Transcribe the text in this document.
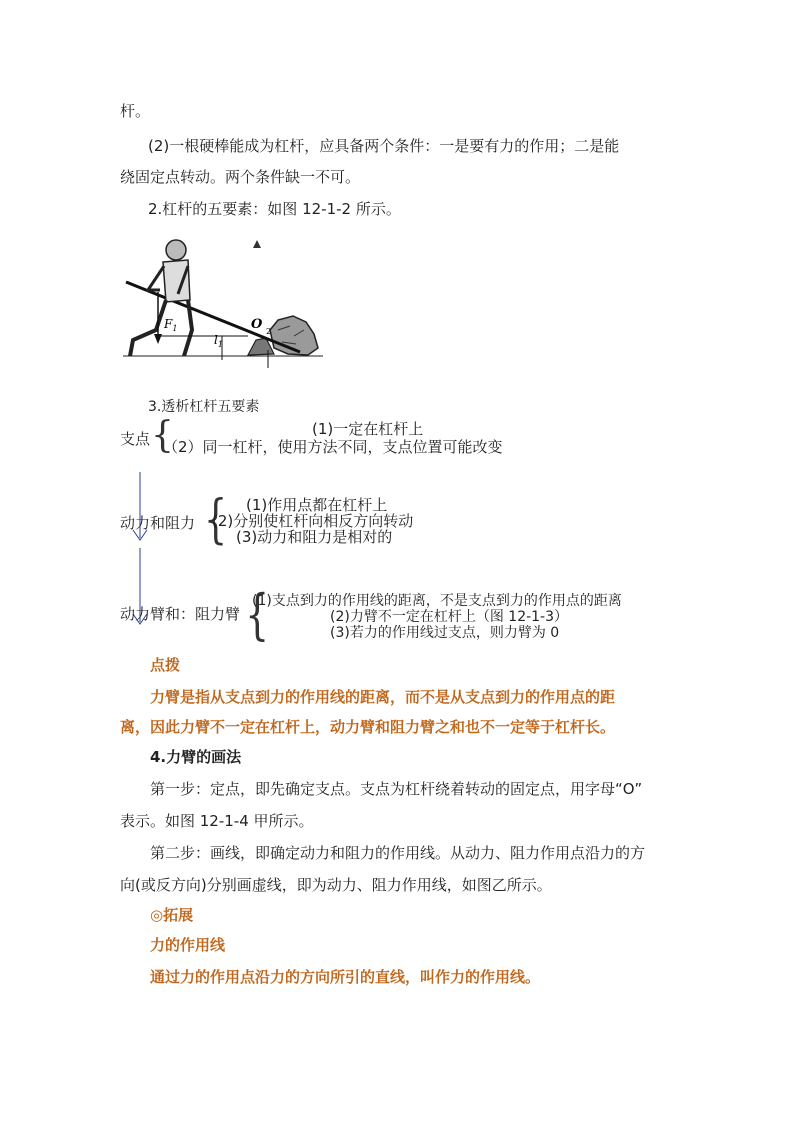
杆。
(2)一根硬棒能成为杠杆，应具备两个条件：一是要有力的作用；二是能
绕固定点转动。两个条件缺一不可。
2.杠杆的五要素：如图 12-1-2 所示。
$F_1$
$l_1$
O 2
3.透析杠杆五要素
支点 {	(1)一定在杠杆上
（2）同一杠杆，使用方法不同，支点位置可能改变
动力和阻力 { (1)作用点都在杠杆上
(2)分别使杠杆向相反方向转动
(3)动力和阻力是相对的
动力臂和：阻力臂 {
(1)支点到力的作用线的距离，不是支点到力的作用点的距离
(2)力臂不一定在杠杆上（图 12-1-3）
(3)若力的作用线过支点，则力臂为 0
点拨
力臂是指从支点到力的作用线的距离，而不是从支点到力的作用点的距
离，因此力臂不一定在杠杆上，动力臂和阻力臂之和也不一定等于杠杆长。
4.力臂的画法
第一步：定点，即先确定支点。支点为杠杆绕着转动的固定点，用字母“O”
表示。如图 12-1-4 甲所示。
第二步：画线，即确定动力和阻力的作用线。从动力、阻力作用点沿力的方
向(或反方向)分别画虚线，即为动力、阻力作用线，如图乙所示。
◎拓展
力的作用线
通过力的作用点沿力的方向所引的直线，叫作力的作用线。
